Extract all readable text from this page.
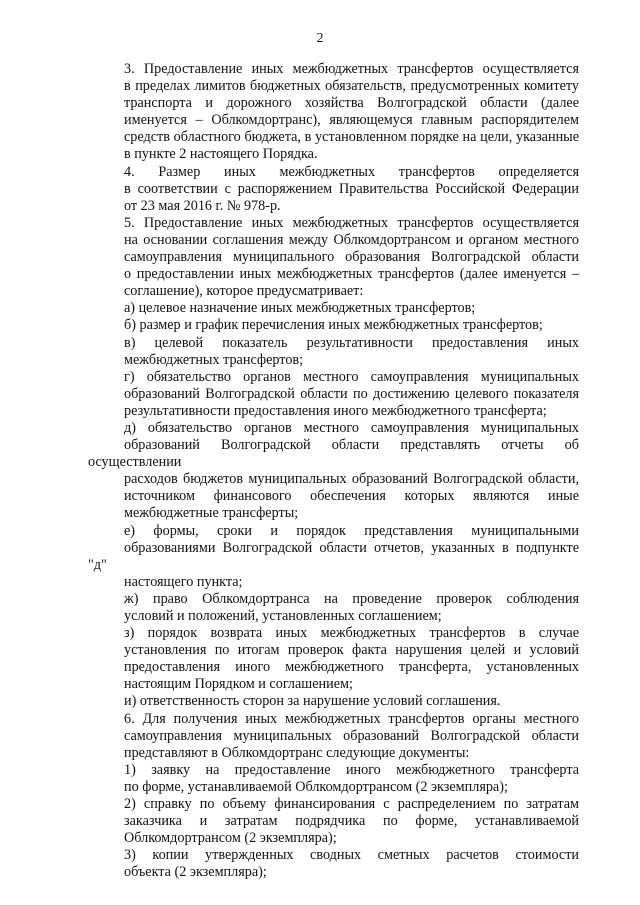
2

3. Предоставление иных межбюджетных трансфертов осуществляется
в пределах лимитов бюджетных обязательств, предусмотренных комитету
транспорта и дорожного хозяйства Волгоградской области (далее
именуется – Облкомдортранс), являющемуся главным распорядителем
средств областного бюджета, в установленном порядке на цели, указанные
в пункте 2 настоящего Порядка.

4. Размер иных межбюджетных трансфертов определяется
в соответствии с распоряжением Правительства Российской Федерации
от 23 мая 2016 г. № 978-р.

5. Предоставление иных межбюджетных трансфертов осуществляется
на основании соглашения между Облкомдортрансом и органом местного
самоуправления муниципального образования Волгоградской области
о предоставлении иных межбюджетных трансфертов (далее именуется –
соглашение), которое предусматривает:

а) целевое назначение иных межбюджетных трансфертов;

б) размер и график перечисления иных межбюджетных трансфертов;

в) целевой показатель результативности предоставления иных
межбюджетных трансфертов;

г) обязательство органов местного самоуправления муниципальных
образований Волгоградской области по достижению целевого показателя
результативности предоставления иного межбюджетного трансферта;

д) обязательство органов местного самоуправления муниципальных
образований Волгоградской области представлять отчеты об осуществлении
расходов бюджетов муниципальных образований Волгоградской области,
источником финансового обеспечения которых являются иные
межбюджетные трансферты;

е) формы, сроки и порядок представления муниципальными
образованиями Волгоградской области отчетов, указанных в подпункте "д"
настоящего пункта;

ж) право Облкомдортранса на проведение проверок соблюдения
условий и положений, установленных соглашением;

з) порядок возврата иных межбюджетных трансфертов в случае
установления по итогам проверок факта нарушения целей и условий
предоставления иного межбюджетного трансферта, установленных
настоящим Порядком и соглашением;

и) ответственность сторон за нарушение условий соглашения.

6. Для получения иных межбюджетных трансфертов органы местного
самоуправления муниципальных образований Волгоградской области
представляют в Облкомдортранс следующие документы:

1) заявку на предоставление иного межбюджетного трансферта
по форме, устанавливаемой Облкомдортрансом (2 экземпляра);

2) справку по объему финансирования с распределением по затратам
заказчика и затратам подрядчика по форме, устанавливаемой
Облкомдортрансом (2 экземпляра);

3) копии утвержденных сводных сметных расчетов стоимости
объекта (2 экземпляра);
